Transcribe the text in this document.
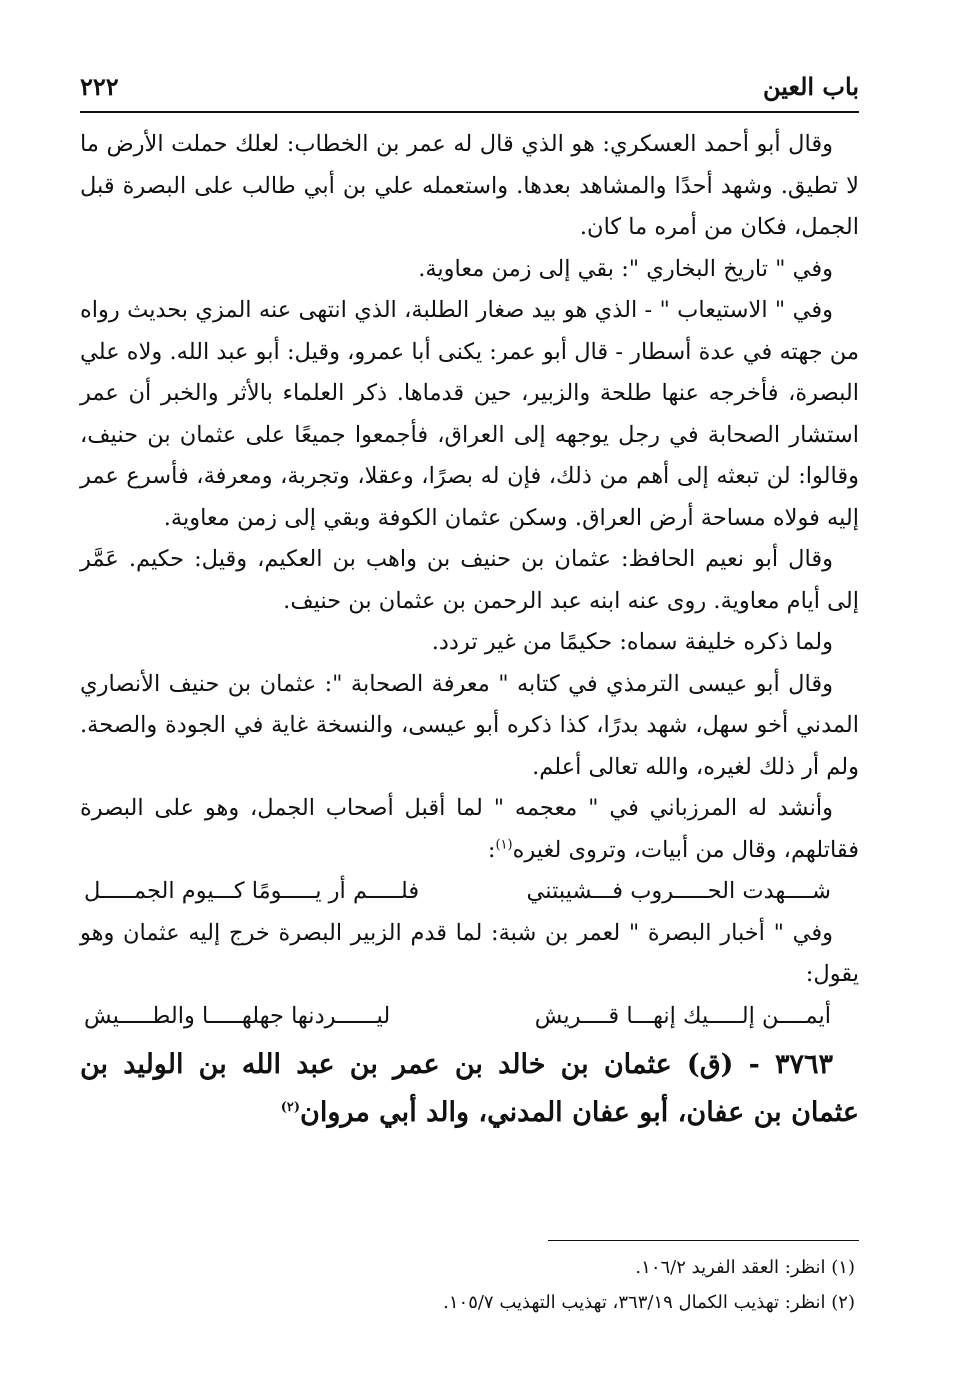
باب العين
٢٢٢

وقال أبو أحمد العسكري: هو الذي قال له عمر بن الخطاب: لعلك حملت الأرض ما لا تطيق. وشهد أحدًا والمشاهد بعدها. واستعمله علي بن أبي طالب على البصرة قبل الجمل، فكان من أمره ما كان.

وفي " تاريخ البخاري ": بقي إلى زمن معاوية.

وفي " الاستيعاب " - الذي هو بيد صغار الطلبة، الذي انتهى عنه المزي بحديث رواه من جهته في عدة أسطار - قال أبو عمر: يكنى أبا عمرو، وقيل: أبو عبد الله. ولاه علي البصرة، فأخرجه عنها طلحة والزبير، حين قدماها. ذكر العلماء بالأثر والخبر أن عمر استشار الصحابة في رجل يوجهه إلى العراق، فأجمعوا جميعًا على عثمان بن حنيف، وقالوا: لن تبعثه إلى أهم من ذلك، فإن له بصرًا، وعقلا، وتجربة، ومعرفة، فأسرع عمر إليه فولاه مساحة أرض العراق. وسكن عثمان الكوفة وبقي إلى زمن معاوية.

وقال أبو نعيم الحافظ: عثمان بن حنيف بن واهب بن العكيم، وقيل: حكيم. عَمَّر إلى أيام معاوية. روى عنه ابنه عبد الرحمن بن عثمان بن حنيف.

ولما ذكره خليفة سماه: حكيمًا من غير تردد.

وقال أبو عيسى الترمذي في كتابه " معرفة الصحابة ": عثمان بن حنيف الأنصاري المدني أخو سهل، شهد بدرًا، كذا ذكره أبو عيسى، والنسخة غاية في الجودة والصحة. ولم أر ذلك لغيره، والله تعالى أعلم.

وأنشد له المرزباني في " معجمه " لما أقبل أصحاب الجمل، وهو على البصرة فقاتلهم، وقال من أبيات، وتروى لغيره$^{(١)}$:

شــــهدت الحـــــروب فـــشيبتني
فلـــــم أر يـــــومًا كـــيوم الجمـــــل

وفي " أخبار البصرة " لعمر بن شبة: لما قدم الزبير البصرة خرج إليه عثمان وهو يقول:

أيمــــن إلـــــيك إنهـــا قــــريش
ليــــــردنها جهلهـــــا والطـــــيش

٣٧٦٣ - (ق) عثمان بن خالد بن عمر بن عبد الله بن الوليد بن عثمان بن عفان، أبو عفان المدني، والد أبي مروان$^{(٢)}$

(١) انظر: العقد الفريد ١٠٦/٢.

(٢) انظر: تهذيب الكمال ٣٦٣/١٩، تهذيب التهذيب ١٠٥/٧.
